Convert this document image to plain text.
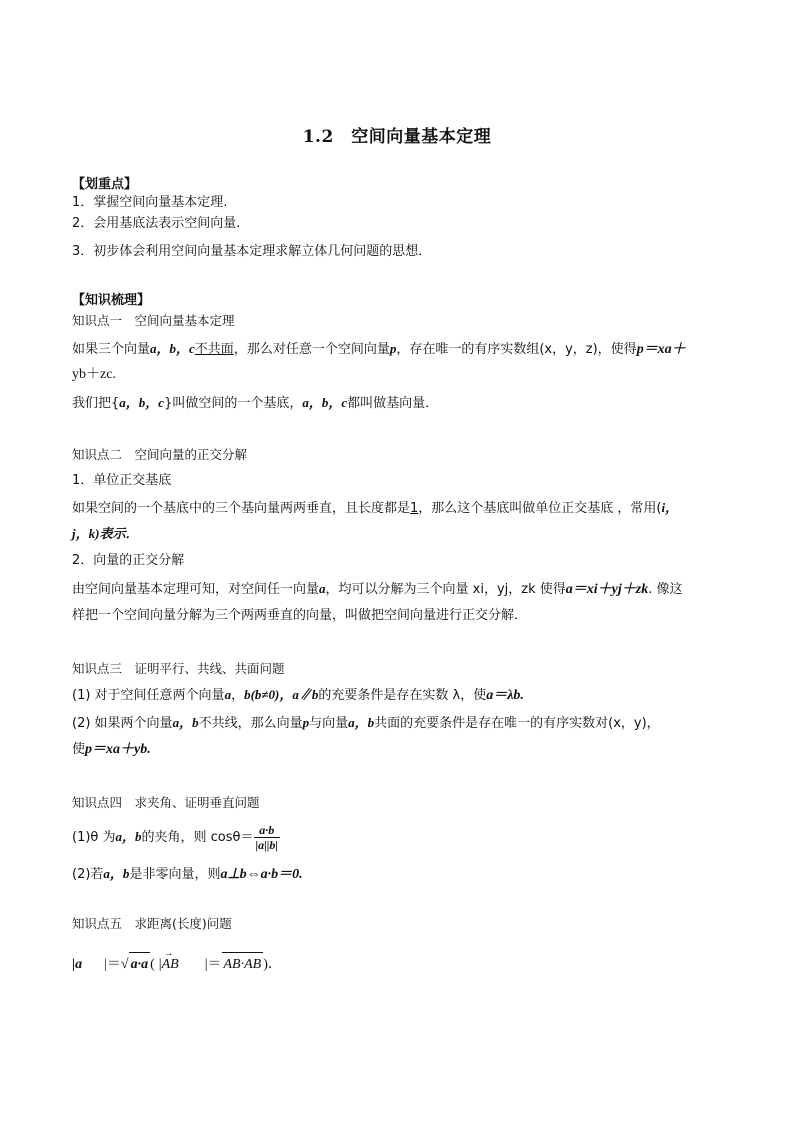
1.2　空间向量基本定理
【划重点】
1．掌握空间向量基本定理.
2．会用基底法表示空间向量.
3．初步体会利用空间向量基本定理求解立体几何问题的思想．
【知识梳理】
知识点一　空间向量基本定理
如果三个向量a，b，c不共面，那么对任意一个空间向量p，存在唯一的有序实数组(x，y，z)，使得p＝xa＋
yb＋zc.
我们把{a，b，c}叫做空间的一个基底，a，b，c都叫做基向量．
知识点二　空间向量的正交分解
1．单位正交基底
如果空间的一个基底中的三个基向量两两垂直，且长度都是1，那么这个基底叫做单位正交基底 ，常用(i，
j，k)表示．
2．向量的正交分解
由空间向量基本定理可知，对空间任一向量a，均可以分解为三个向量 xi，yj，zk 使得a＝xi＋yj＋zk. 像这
样把一个空间向量分解为三个两两垂直的向量，叫做把空间向量进行正交分解．
知识点三　证明平行、共线、共面问题
(1) 对于空间任意两个向量a，b(b≠0)，a∥b的充要条件是存在实数 λ，使a＝λb.
(2) 如果两个向量a，b不共线，那么向量p与向量a，b共面的充要条件是存在唯一的有序实数对(x，y)，
使p＝xa＋yb.
知识点四　求夹角、证明垂直问题
(1)θ 为a，b的夹角，则 $\cos\theta= \frac{a\cdot b}{|a||b|}$
(2)若a，b是非零向量，则a⊥b⇔a·b＝0.
知识点五　求距离(长度)问题
|a |＝√ a·a ( |→ AB |＝ AB·AB )．
